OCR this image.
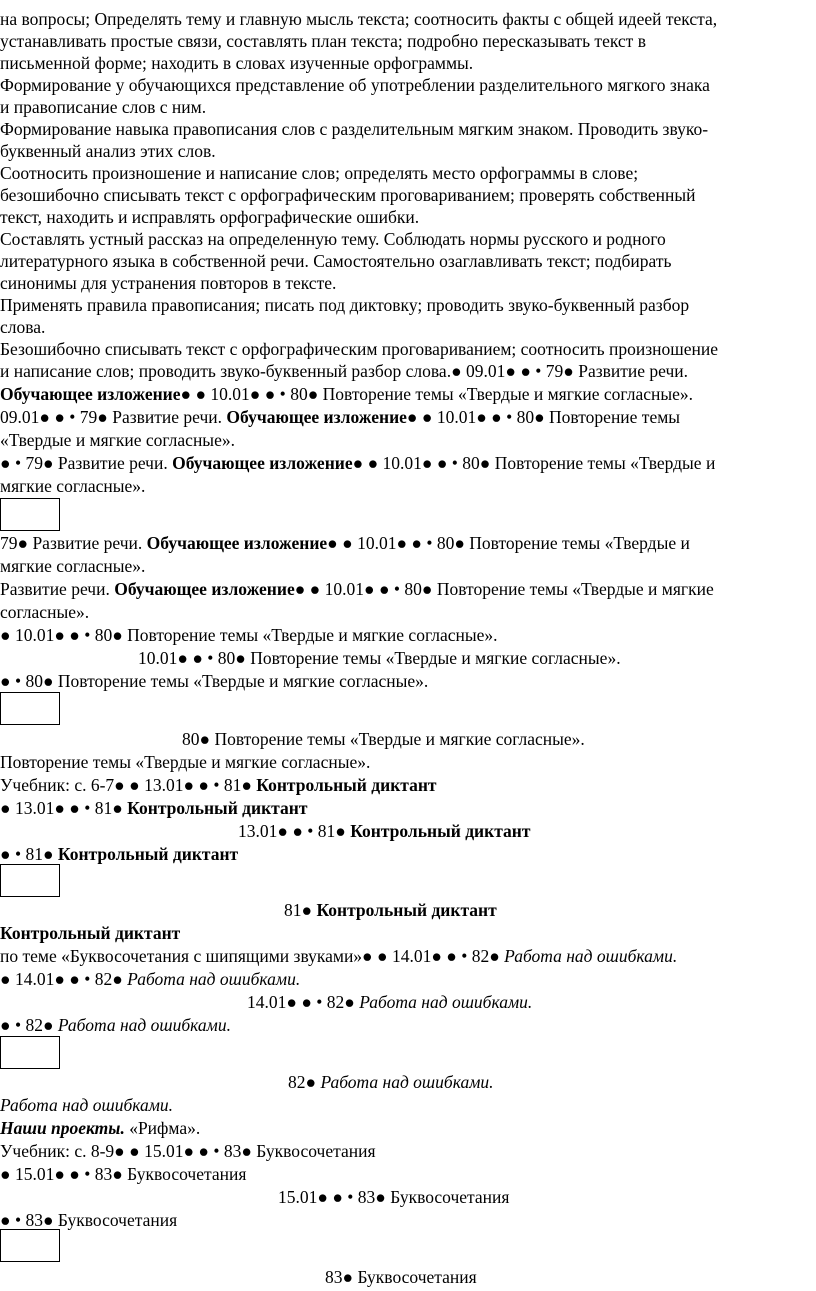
на вопросы; Определять тему и главную мысль текста; соотносить факты с общей идеей текста,
устанавливать простые связи, составлять план текста; подробно пересказывать текст в
письменной форме; находить в словах изученные орфограммы.
Формирование у обучающихся представление об употреблении разделительного мягкого знака
и правописание слов с ним.
Формирование навыка правописания слов с разделительным мягким знаком. Проводить звуко-
буквенный анализ этих слов.
Соотносить произношение и написание слов; определять место орфограммы в слове;
безошибочно списывать текст с орфографическим проговариванием; проверять собственный
текст, находить и исправлять орфографические ошибки.
Составлять устный рассказ на определенную тему. Соблюдать нормы русского и родного
литературного языка в собственной речи. Самостоятельно озаглавливать текст; подбирать
синонимы для устранения повторов в тексте.
Применять правила правописания; писать под диктовку; проводить звуко-буквенный разбор
слова.
Безошибочно списывать текст с орфографическим проговариванием; соотносить произношение
и написание слов; проводить звуко-буквенный разбор слова.● 09.01● ● • 79● Развитие речи.
Обучающее изложение● ● 10.01● ● • 80● Повторение темы «Твердые и мягкие согласные».
09.01● ● • 79● Развитие речи. Обучающее изложение● ● 10.01● ● • 80● Повторение темы
«Твердые и мягкие согласные».
● • 79● Развитие речи. Обучающее изложение● ● 10.01● ● • 80● Повторение темы «Твердые и
мягкие согласные».
79● Развитие речи. Обучающее изложение● ● 10.01● ● • 80● Повторение темы «Твердые и
мягкие согласные».
Развитие речи. Обучающее изложение● ● 10.01● ● • 80● Повторение темы «Твердые и мягкие
согласные».
● 10.01● ● • 80● Повторение темы «Твердые и мягкие согласные».
10.01● ● • 80● Повторение темы «Твердые и мягкие согласные».
● • 80● Повторение темы «Твердые и мягкие согласные».
80● Повторение темы «Твердые и мягкие согласные».
Повторение темы «Твердые и мягкие согласные».
Учебник: с. 6-7● ● 13.01● ● • 81● Контрольный диктант
● 13.01● ● • 81● Контрольный диктант
13.01● ● • 81● Контрольный диктант
● • 81● Контрольный диктант
81● Контрольный диктант
Контрольный диктант
по теме «Буквосочетания с шипящими звуками»● ● 14.01● ● • 82● Работа над ошибками.
● 14.01● ● • 82● Работа над ошибками.
14.01● ● • 82● Работа над ошибками.
● • 82● Работа над ошибками.
82● Работа над ошибками.
Работа над ошибками.
Наши проекты. «Рифма».
Учебник: с. 8-9● ● 15.01● ● • 83● Буквосочетания
● 15.01● ● • 83● Буквосочетания
15.01● ● • 83● Буквосочетания
● • 83● Буквосочетания
83● Буквосочетания
